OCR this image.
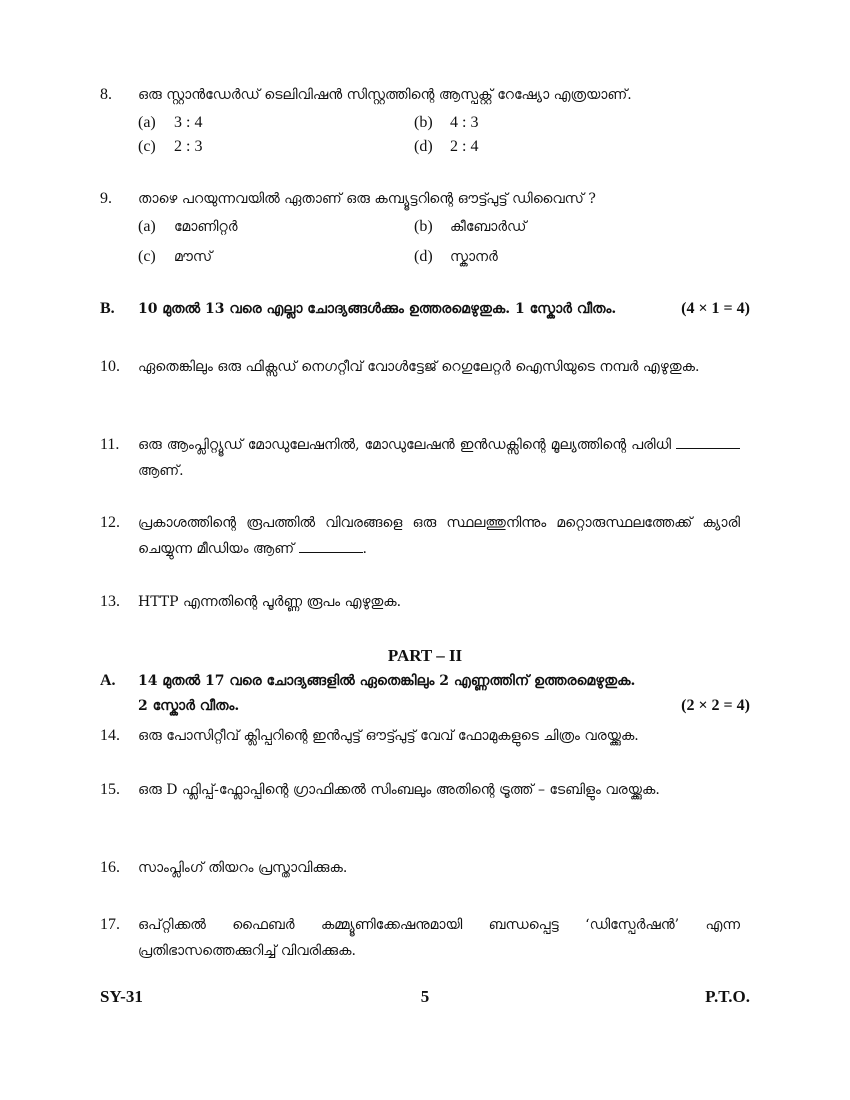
8.	ഒരു സ്റ്റാൻഡേർഡ് ടെലിവിഷൻ സിസ്റ്റത്തിന്റെ ആസ്പക്റ്റ് റേഷ്യോ എത്രയാണ്.
(a) 3 : 4	(b) 4 : 3
(c) 2 : 3	(d) 2 : 4
9.	താഴെ പറയുന്നവയിൽ ഏതാണ് ഒരു കമ്പ്യൂട്ടറിന്റെ ഔട്ട്പുട്ട് ഡിവൈസ് ?
(a) മോണിറ്റർ	(b) കീബോർഡ്
(c) മൗസ്	(d) സ്കാനർ
B. 10 മുതൽ 13 വരെ എല്ലാ ചോദ്യങ്ങൾക്കും ഉത്തരമെഴുതുക. 1 സ്കോർ വീതം.	(4 × 1 = 4)
10.	ഏതെങ്കിലും ഒരു ഫിക്സഡ് നെഗറ്റീവ് വോൾട്ടേജ് റെഗുലേറ്റർ ഐസിയുടെ നമ്പർ എഴുതുക.
11.	ഒരു ആംപ്ലിറ്റ്യൂഡ് മോഡുലേഷനിൽ, മോഡുലേഷൻ ഇൻഡക്സിന്റെ മൂല്യത്തിന്റെ പരിധി  ആണ്.
12.	പ്രകാശത്തിന്റെ രൂപത്തിൽ വിവരങ്ങളെ ഒരു സ്ഥലത്തുനിന്നും മറ്റൊരുസ്ഥലത്തേക്ക് ക്യാരി ചെയ്യുന്ന മീഡിയം ആണ്	.
13.	HTTP എന്നതിന്റെ പൂർണ്ണ രൂപം എഴുതുക.
PART – II
A. 14 മുതൽ 17 വരെ ചോദ്യങ്ങളിൽ ഏതെങ്കിലും 2 എണ്ണത്തിന് ഉത്തരമെഴുതുക.
2 സ്കോർ വീതം.	(2 × 2 = 4)
14.	ഒരു പോസിറ്റീവ് ക്ലിപ്പറിന്റെ ഇൻപുട്ട് ഔട്ട്പുട്ട് വേവ് ഫോമുകളുടെ ചിത്രം വരയ്ക്കുക.
15.	ഒരു D ഫ്ലിപ്പ്-ഫ്ലോപ്പിന്റെ ഗ്രാഫിക്കൽ സിംബലും അതിന്റെ ട്രൂത്ത് – ടേബിളും വരയ്ക്കുക.
16.	സാംപ്ലിംഗ് തിയറം പ്രസ്താവിക്കുക.
17.	ഒപ്റ്റിക്കൽ ഫൈബർ കമ്മ്യൂണിക്കേഷനുമായി ബന്ധപ്പെട്ട ‘ഡിസ്പേർഷൻ’ എന്ന പ്രതിഭാസത്തെക്കുറിച്ച് വിവരിക്കുക.
SY-31	5	P.T.O.
